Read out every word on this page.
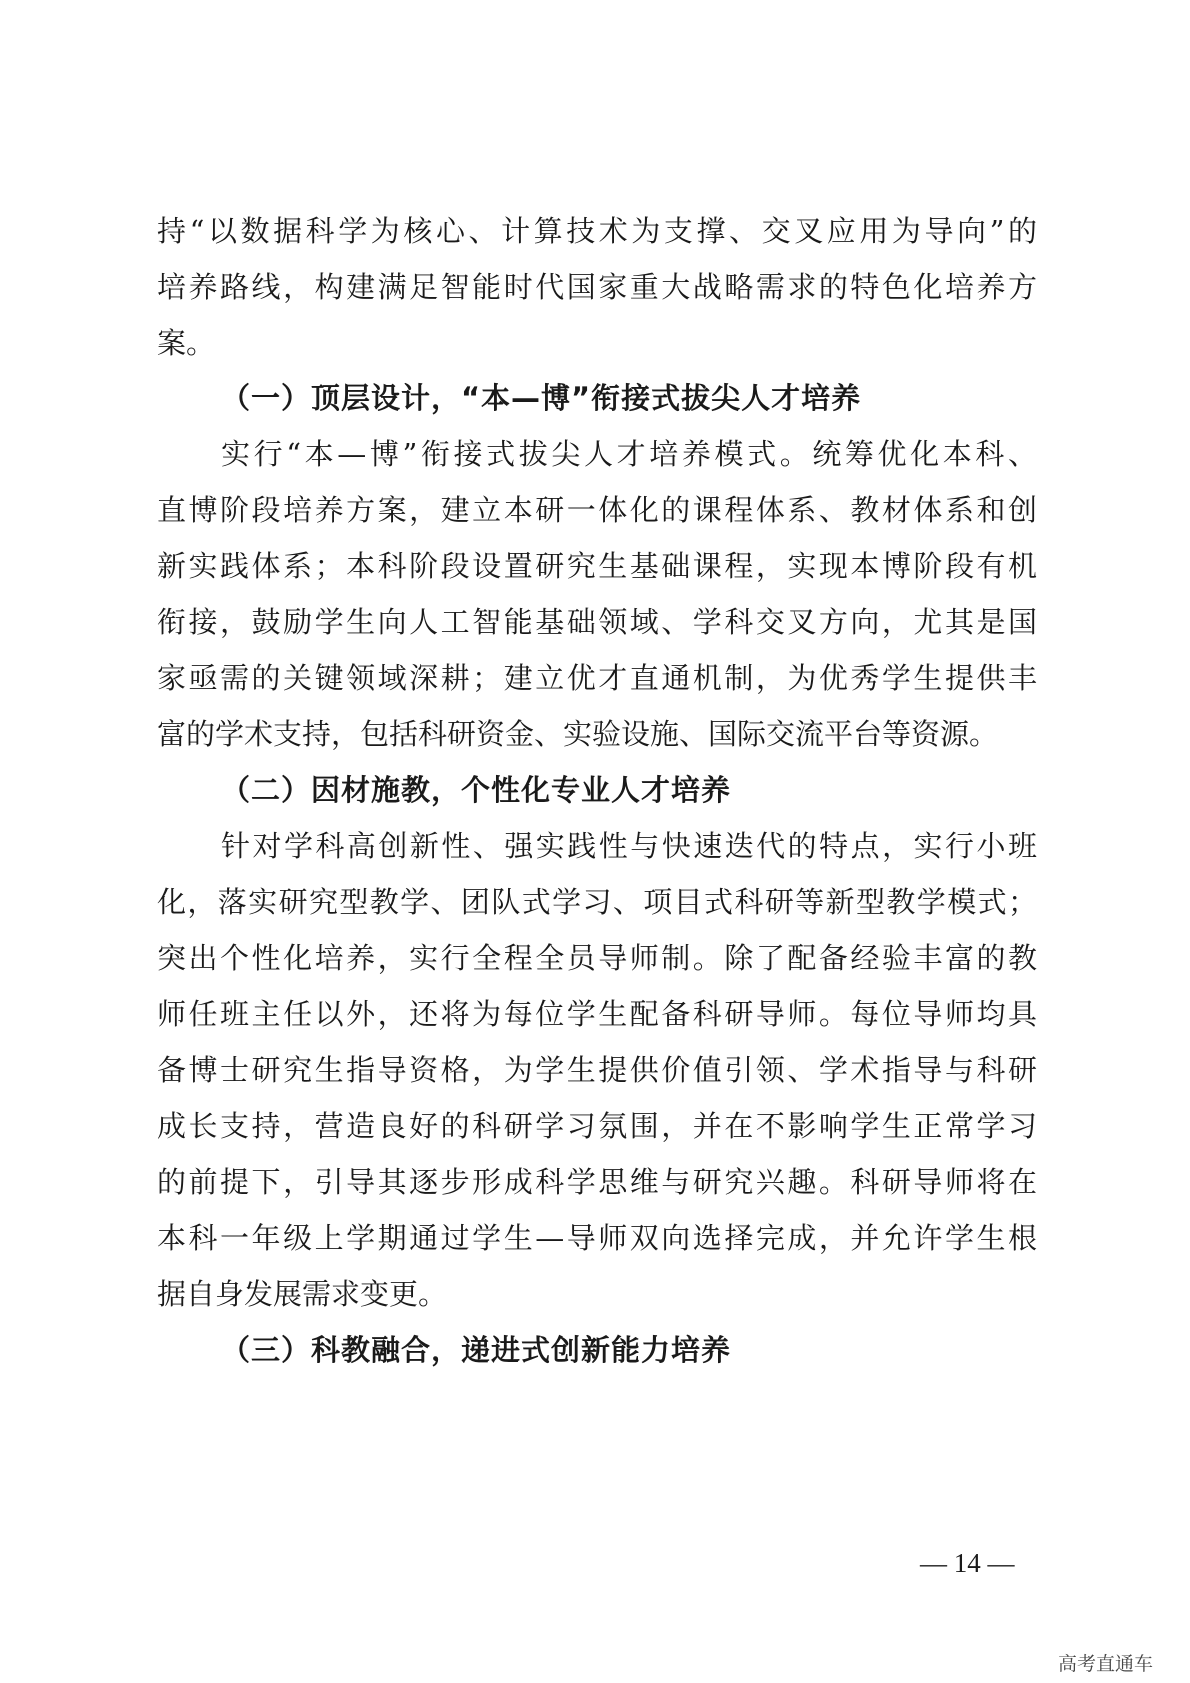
持“以数据科学为核心、计算技术为支撑、交叉应用为导向”的
培养路线，构建满足智能时代国家重大战略需求的特色化培养方
案。
（一）顶层设计，“本—博”衔接式拔尖人才培养
实行“本—博”衔接式拔尖人才培养模式。统筹优化本科、
直博阶段培养方案，建立本研一体化的课程体系、教材体系和创
新实践体系；本科阶段设置研究生基础课程，实现本博阶段有机
衔接，鼓励学生向人工智能基础领域、学科交叉方向，尤其是国
家亟需的关键领域深耕；建立优才直通机制，为优秀学生提供丰
富的学术支持，包括科研资金、实验设施、国际交流平台等资源。
（二）因材施教，个性化专业人才培养
针对学科高创新性、强实践性与快速迭代的特点，实行小班
化，落实研究型教学、团队式学习、项目式科研等新型教学模式；
突出个性化培养，实行全程全员导师制。除了配备经验丰富的教
师任班主任以外，还将为每位学生配备科研导师。每位导师均具
备博士研究生指导资格，为学生提供价值引领、学术指导与科研
成长支持，营造良好的科研学习氛围，并在不影响学生正常学习
的前提下，引导其逐步形成科学思维与研究兴趣。科研导师将在
本科一年级上学期通过学生—导师双向选择完成，并允许学生根
据自身发展需求变更。
（三）科教融合，递进式创新能力培养
— 14 —
高考直通车
